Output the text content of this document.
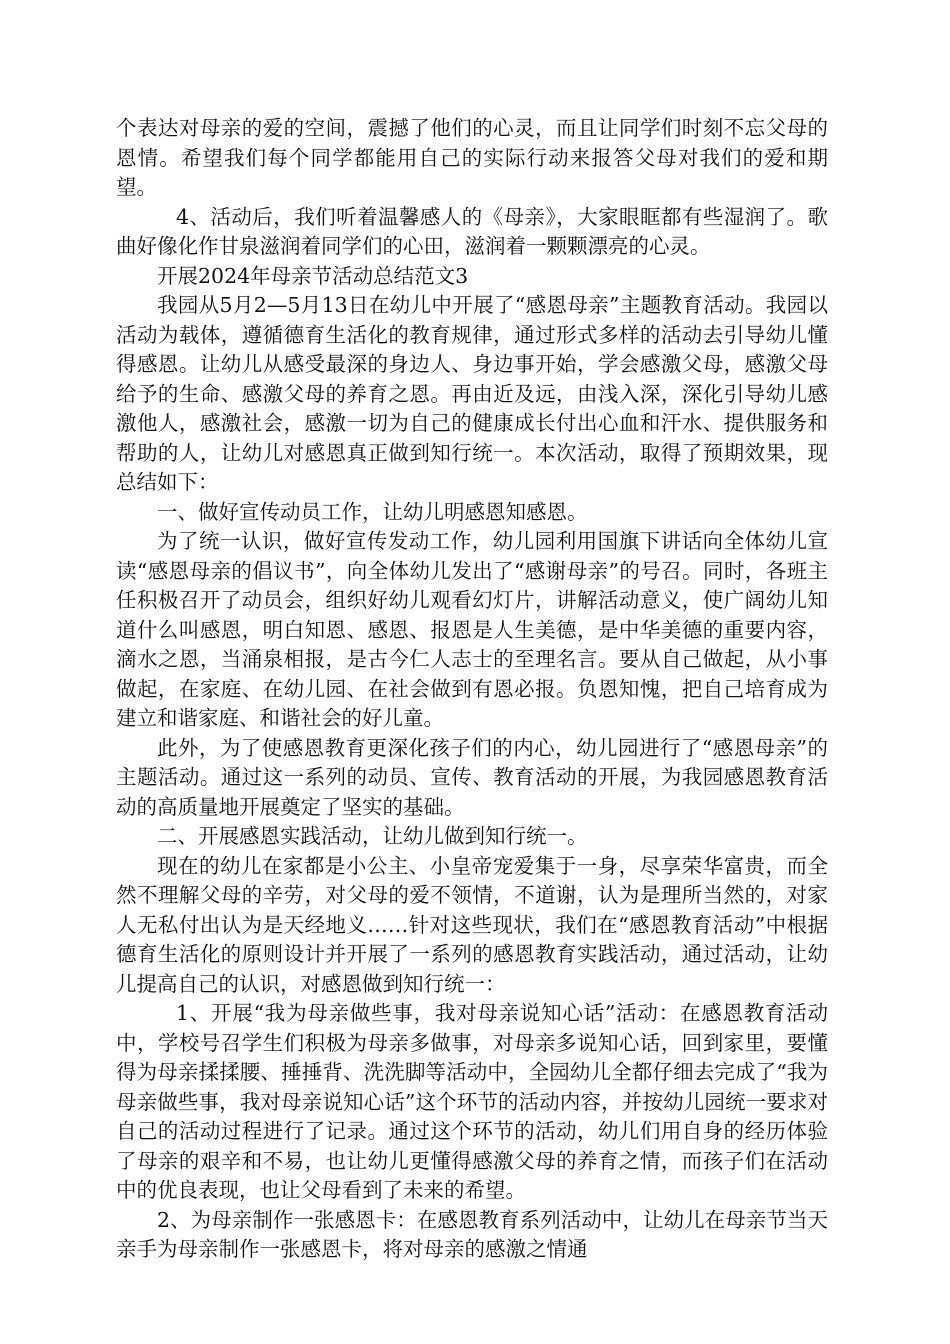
个表达对母亲的爱的空间，震撼了他们的心灵，而且让同学们时刻不忘父母的恩情。希望我们每个同学都能用自己的实际行动来报答父母对我们的爱和期望。

4、活动后，我们听着温馨感人的《母亲》，大家眼眶都有些湿润了。歌曲好像化作甘泉滋润着同学们的心田，滋润着一颗颗漂亮的心灵。

开展2024年母亲节活动总结范文3

我园从5月2—5月13日在幼儿中开展了“感恩母亲”主题教育活动。我园以活动为载体，遵循德育生活化的教育规律，通过形式多样的活动去引导幼儿懂得感恩。让幼儿从感受最深的身边人、身边事开始，学会感激父母，感激父母给予的生命、感激父母的养育之恩。再由近及远，由浅入深，深化引导幼儿感激他人，感激社会，感激一切为自己的健康成长付出心血和汗水、提供服务和帮助的人，让幼儿对感恩真正做到知行统一。本次活动，取得了预期效果，现总结如下：

一、做好宣传动员工作，让幼儿明感恩知感恩。

为了统一认识，做好宣传发动工作，幼儿园利用国旗下讲话向全体幼儿宣读“感恩母亲的倡议书”，向全体幼儿发出了“感谢母亲”的号召。同时，各班主任积极召开了动员会，组织好幼儿观看幻灯片，讲解活动意义，使广阔幼儿知道什么叫感恩，明白知恩、感恩、报恩是人生美德，是中华美德的重要内容，滴水之恩，当涌泉相报，是古今仁人志士的至理名言。要从自己做起，从小事做起，在家庭、在幼儿园、在社会做到有恩必报。负恩知愧，把自己培育成为建立和谐家庭、和谐社会的好儿童。

此外，为了使感恩教育更深化孩子们的内心，幼儿园进行了“感恩母亲”的主题活动。通过这一系列的动员、宣传、教育活动的开展，为我园感恩教育活动的高质量地开展奠定了坚实的基础。

二、开展感恩实践活动，让幼儿做到知行统一。

现在的幼儿在家都是小公主、小皇帝宠爱集于一身，尽享荣华富贵，而全然不理解父母的辛劳，对父母的爱不领情，不道谢，认为是理所当然的，对家人无私付出认为是天经地义……针对这些现状，我们在“感恩教育活动”中根据德育生活化的原则设计并开展了一系列的感恩教育实践活动，通过活动，让幼儿提高自己的认识，对感恩做到知行统一：

1、开展“我为母亲做些事，我对母亲说知心话”活动：在感恩教育活动中，学校号召学生们积极为母亲多做事，对母亲多说知心话，回到家里，要懂得为母亲揉揉腰、捶捶背、洗洗脚等活动中，全园幼儿全都仔细去完成了“我为母亲做些事，我对母亲说知心话”这个环节的活动内容，并按幼儿园统一要求对自己的活动过程进行了记录。通过这个环节的活动，幼儿们用自身的经历体验了母亲的艰辛和不易，也让幼儿更懂得感激父母的养育之情，而孩子们在活动中的优良表现，也让父母看到了未来的希望。

2、为母亲制作一张感恩卡：在感恩教育系列活动中，让幼儿在母亲节当天亲手为母亲制作一张感恩卡，将对母亲的感激之情通
